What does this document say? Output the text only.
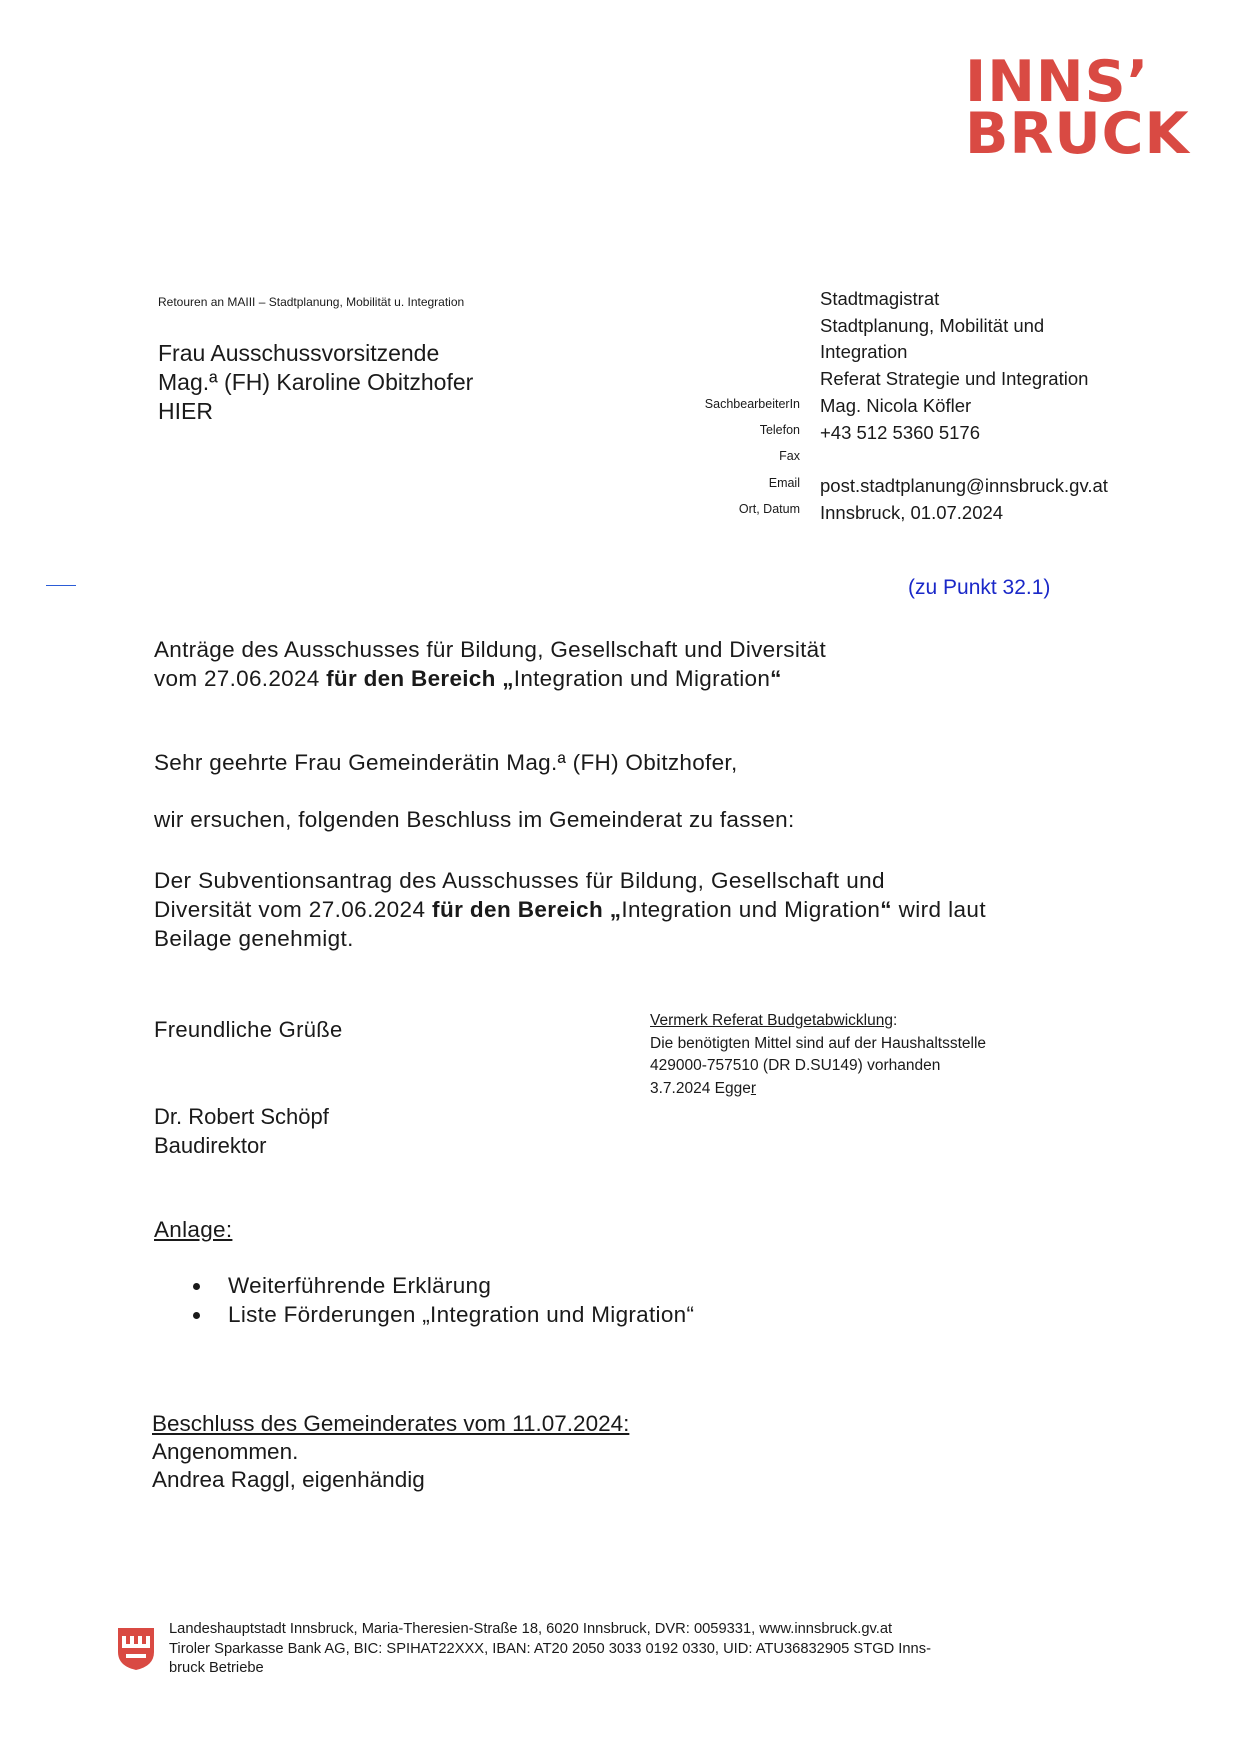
INNS’
BRUCK
Retouren an MAIII – Stadtplanung, Mobilität u. Integration
Frau Ausschussvorsitzende
Mag.ª (FH) Karoline Obitzhofer
HIER
Stadtmagistrat
Stadtplanung, Mobilität und
Integration
Referat Strategie und Integration
Mag. Nicola Köfler
+43 512 5360 5176

post.stadtplanung@innsbruck.gv.at
Innsbruck, 01.07.2024
SachbearbeiterIn
Telefon
Fax
Email
Ort, Datum
(zu Punkt 32.1)
Anträge des Ausschusses für Bildung, Gesellschaft und Diversität
vom 27.06.2024 für den Bereich „Integration und Migration“
Sehr geehrte Frau Gemeinderätin Mag.ª (FH) Obitzhofer,
wir ersuchen, folgenden Beschluss im Gemeinderat zu fassen:
Der Subventionsantrag des Ausschusses für Bildung, Gesellschaft und
Diversität vom 27.06.2024 für den Bereich „Integration und Migration“ wird laut
Beilage genehmigt.
Freundliche Grüße	Vermerk Referat Budgetabwicklung:
Die benötigten Mittel sind auf der Haushaltsstelle
429000-757510 (DR D.SU149) vorhanden
3.7.2024 Egger
Dr. Robert Schöpf
Baudirektor
Anlage:
Weiterführende Erklärung
Liste Förderungen „Integration und Migration“
Beschluss des Gemeinderates vom 11.07.2024:
Angenommen.
Andrea Raggl, eigenhändig
Landeshauptstadt Innsbruck, Maria-Theresien-Straße 18, 6020 Innsbruck, DVR: 0059331, www.innsbruck.gv.at
Tiroler Sparkasse Bank AG, BIC: SPIHAT22XXX, IBAN: AT20 2050 3033 0192 0330, UID: ATU36832905 STGD Inns-
bruck Betriebe
